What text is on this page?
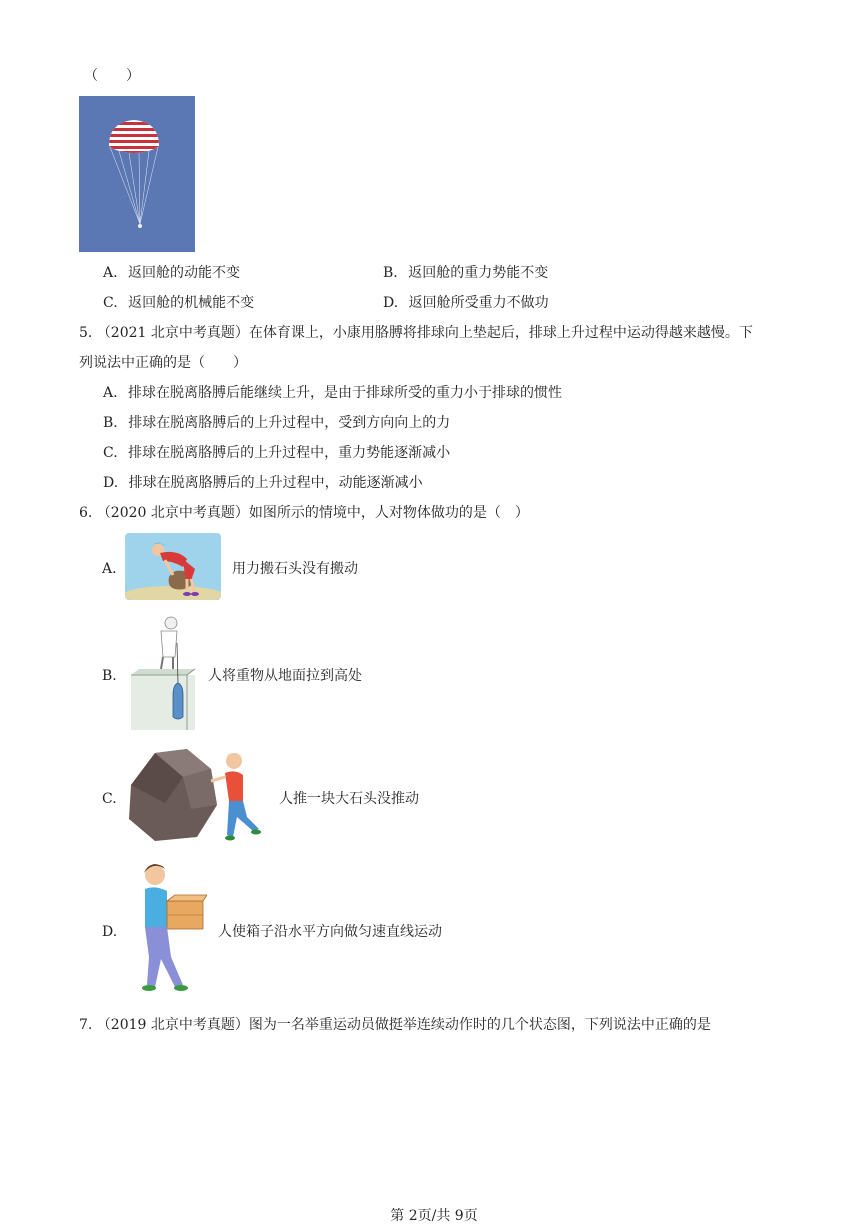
（　　）
A. 返回舱的动能不变	B. 返回舱的重力势能不变
C. 返回舱的机械能不变	D. 返回舱所受重力不做功
5. （2021 北京中考真题）在体育课上，小康用胳膊将排球向上垫起后，排球上升过程中运动得越来越慢。下
列说法中正确的是（　　）
A. 排球在脱离胳膊后能继续上升，是由于排球所受的重力小于排球的惯性
B. 排球在脱离胳膊后的上升过程中，受到方向向上的力
C. 排球在脱离胳膊后的上升过程中，重力势能逐渐减小
D. 排球在脱离胳膊后的上升过程中，动能逐渐减小
6. （2020 北京中考真题）如图所示的情境中，人对物体做功的是（　）
A.	用力搬石头没有搬动
B.	人将重物从地面拉到高处
C.	人推一块大石头没推动
D.	人使箱子沿水平方向做匀速直线运动
7. （2019 北京中考真题）图为一名举重运动员做挺举连续动作时的几个状态图，下列说法中正确的是
第 2页/共 9页
